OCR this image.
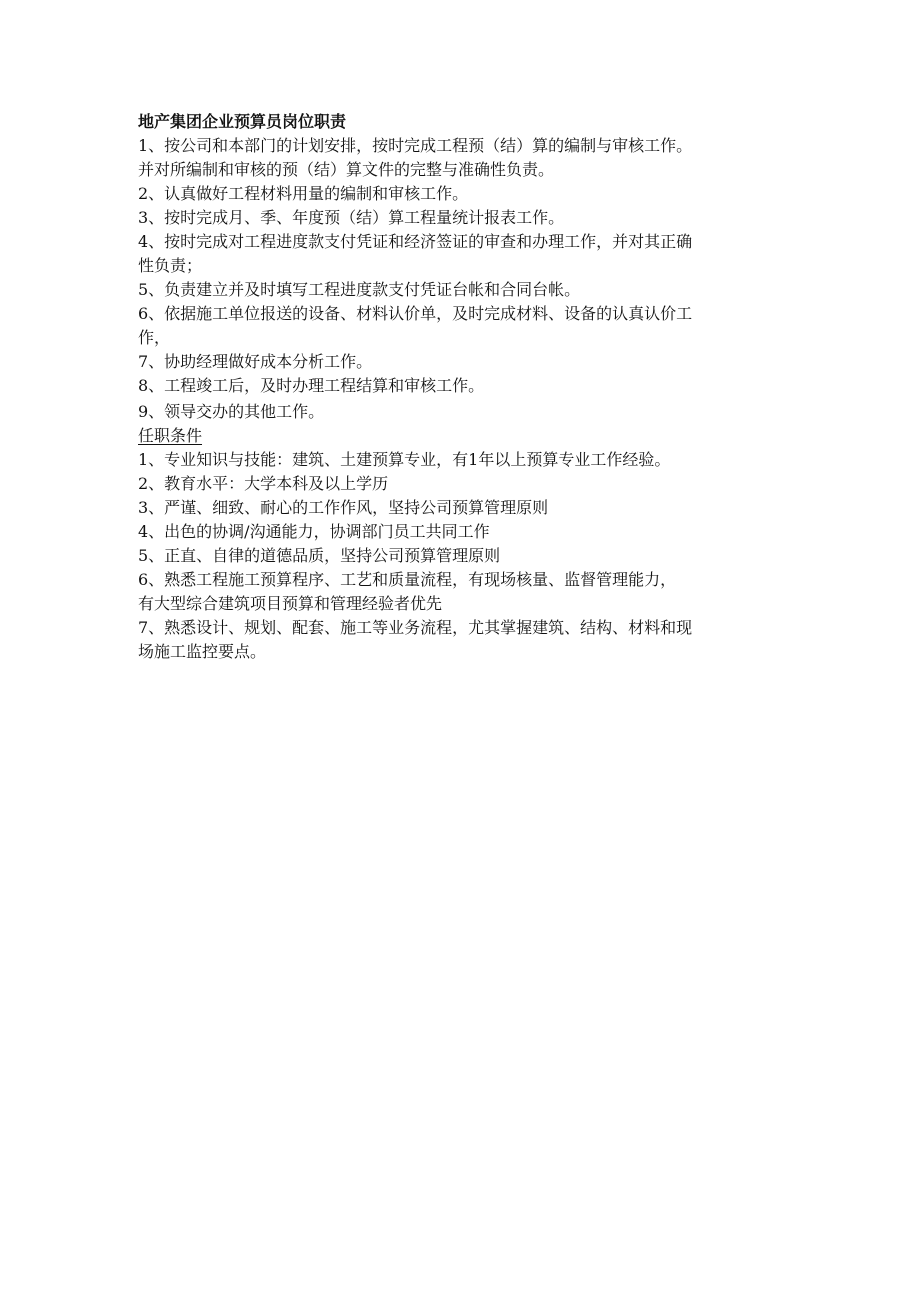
地产集团企业预算员岗位职责

1、按公司和本部门的计划安排，按时完成工程预（结）算的编制与审核工作。

并对所编制和审核的预（结）算文件的完整与准确性负责。

2、认真做好工程材料用量的编制和审核工作。

3、按时完成月、季、年度预（结）算工程量统计报表工作。

4、按时完成对工程进度款支付凭证和经济签证的审查和办理工作，并对其正确

性负责；

5、负责建立并及时填写工程进度款支付凭证台帐和合同台帐。

6、依据施工单位报送的设备、材料认价单，及时完成材料、设备的认真认价工

作，

7、协助经理做好成本分析工作。

8、工程竣工后，及时办理工程结算和审核工作。

9、领导交办的其他工作。

任职条件

1、专业知识与技能：建筑、土建预算专业，有1年以上预算专业工作经验。

2、教育水平：大学本科及以上学历

3、严谨、细致、耐心的工作作风，坚持公司预算管理原则

4、出色的协调/沟通能力，协调部门员工共同工作

5、正直、自律的道德品质，坚持公司预算管理原则

6、熟悉工程施工预算程序、工艺和质量流程，有现场核量、监督管理能力，

有大型综合建筑项目预算和管理经验者优先

7、熟悉设计、规划、配套、施工等业务流程，尤其掌握建筑、结构、材料和现

场施工监控要点。
